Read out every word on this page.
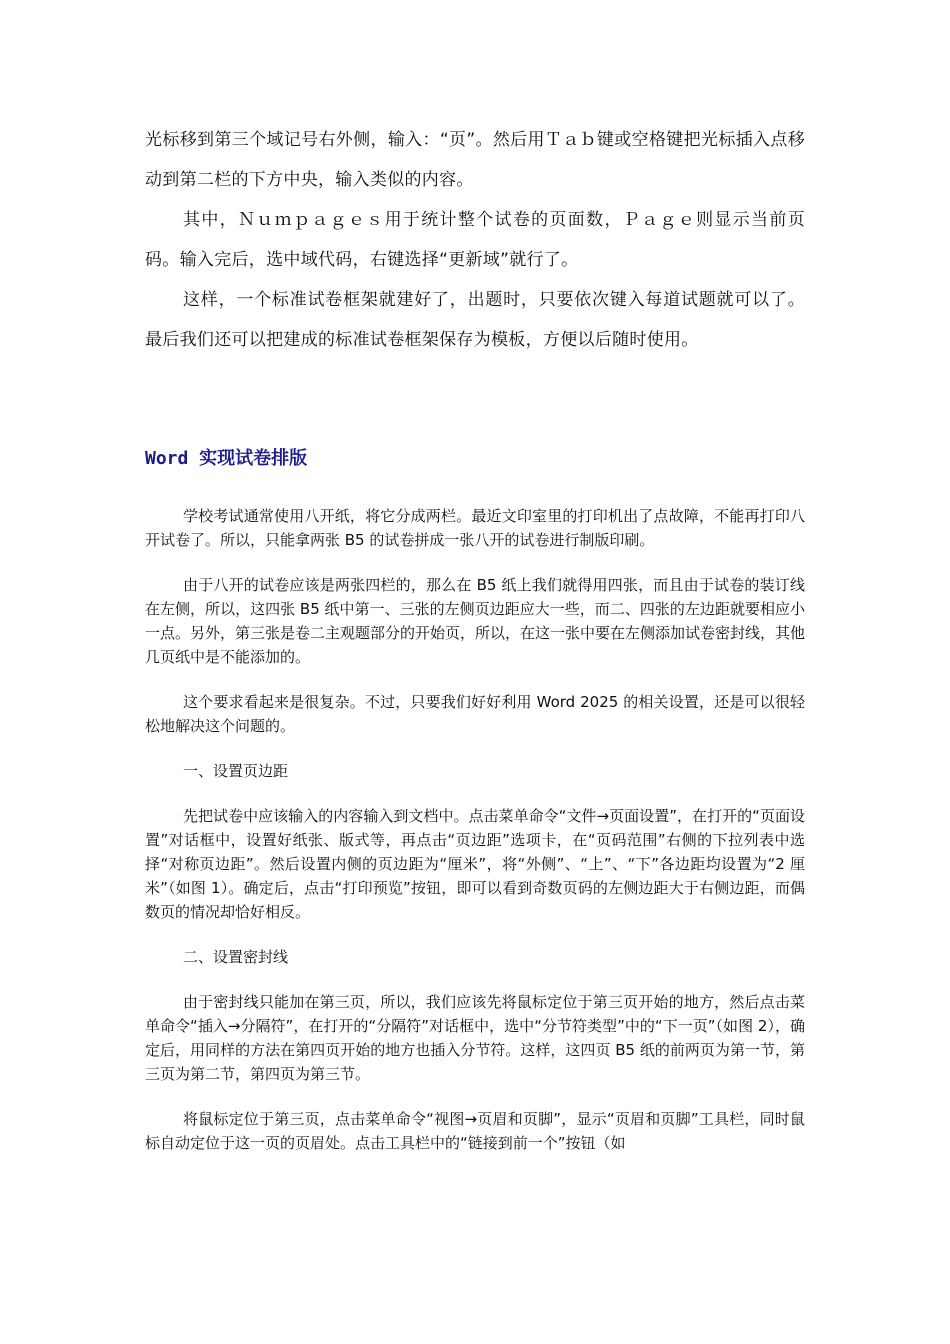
光标移到第三个域记号右外侧，输入：“页”。然后用Ｔａｂ键或空格键把光标插入点移动到第二栏的下方中央，输入类似的内容。

其中，Ｎｕｍｐａｇｅｓ用于统计整个试卷的页面数，Ｐａｇｅ则显示当前页码。输入完后，选中域代码，右键选择“更新域”就行了。

这样，一个标准试卷框架就建好了，出题时，只要依次键入每道试题就可以了。最后我们还可以把建成的标准试卷框架保存为模板，方便以后随时使用。

Word 实现试卷排版

学校考试通常使用八开纸，将它分成两栏。最近文印室里的打印机出了点故障，不能再打印八开试卷了。所以，只能拿两张 B5 的试卷拼成一张八开的试卷进行制版印刷。

由于八开的试卷应该是两张四栏的，那么在 B5 纸上我们就得用四张，而且由于试卷的装订线在左侧，所以，这四张 B5 纸中第一、三张的左侧页边距应大一些，而二、四张的左边距就要相应小一点。另外，第三张是卷二主观题部分的开始页，所以，在这一张中要在左侧添加试卷密封线，其他几页纸中是不能添加的。

这个要求看起来是很复杂。不过，只要我们好好利用 Word 2025 的相关设置，还是可以很轻松地解决这个问题的。

一、设置页边距

先把试卷中应该输入的内容输入到文档中。点击菜单命令“文件→页面设置”，在打开的“页面设置”对话框中，设置好纸张、版式等，再点击“页边距”选项卡，在“页码范围”右侧的下拉列表中选择“对称页边距”。然后设置内侧的页边距为“厘米”，将“外侧”、“上”、“下”各边距均设置为“2 厘米”（如图 1）。确定后，点击“打印预览”按钮，即可以看到奇数页码的左侧边距大于右侧边距，而偶数页的情况却恰好相反。

二、设置密封线

由于密封线只能加在第三页，所以，我们应该先将鼠标定位于第三页开始的地方，然后点击菜单命令“插入→分隔符”，在打开的“分隔符”对话框中，选中“分节符类型”中的“下一页”（如图 2），确定后，用同样的方法在第四页开始的地方也插入分节符。这样，这四页 B5 纸的前两页为第一节，第三页为第二节，第四页为第三节。

将鼠标定位于第三页，点击菜单命令“视图→页眉和页脚”，显示“页眉和页脚”工具栏，同时鼠标自动定位于这一页的页眉处。点击工具栏中的“链接到前一个”按钮（如
